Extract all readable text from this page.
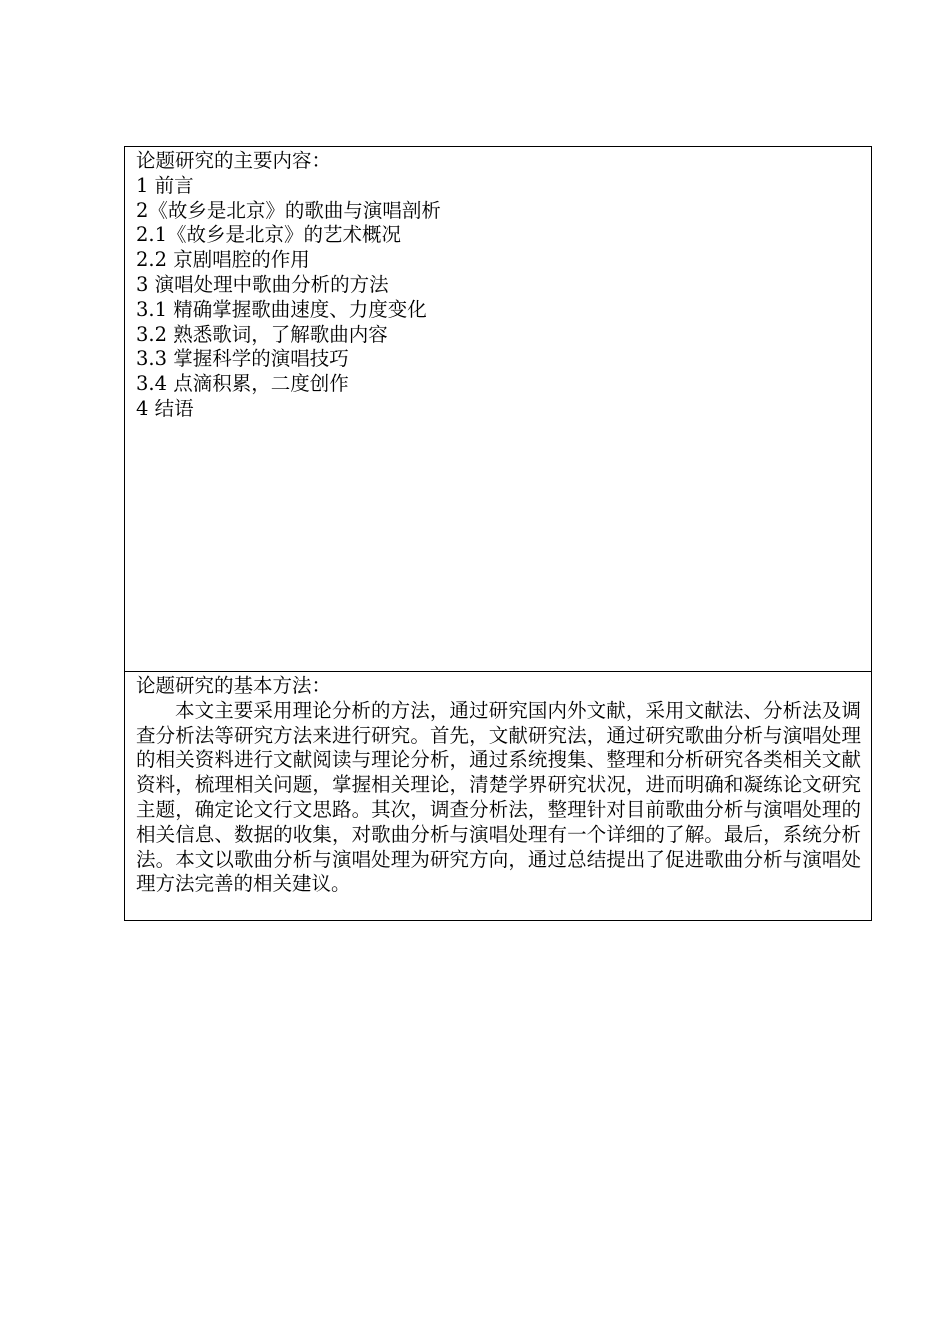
论题研究的主要内容：
1 前言
2《故乡是北京》的歌曲与演唱剖析
2.1《故乡是北京》的艺术概况
2.2 京剧唱腔的作用
3 演唱处理中歌曲分析的方法
3.1 精确掌握歌曲速度、力度变化
3.2 熟悉歌词，了解歌曲内容
3.3 掌握科学的演唱技巧
3.4 点滴积累，二度创作
4 结语

论题研究的基本方法：
本文主要采用理论分析的方法，通过研究国内外文献，采用文献法、分析法及调查分析法等研究方法来进行研究。首先，文献研究法，通过研究歌曲分析与演唱处理的相关资料进行文献阅读与理论分析，通过系统搜集、整理和分析研究各类相关文献资料，梳理相关问题，掌握相关理论，清楚学界研究状况，进而明确和凝练论文研究主题，确定论文行文思路。其次，调查分析法，整理针对目前歌曲分析与演唱处理的相关信息、数据的收集，对歌曲分析与演唱处理有一个详细的了解。最后，系统分析法。本文以歌曲分析与演唱处理为研究方向，通过总结提出了促进歌曲分析与演唱处理方法完善的相关建议。
